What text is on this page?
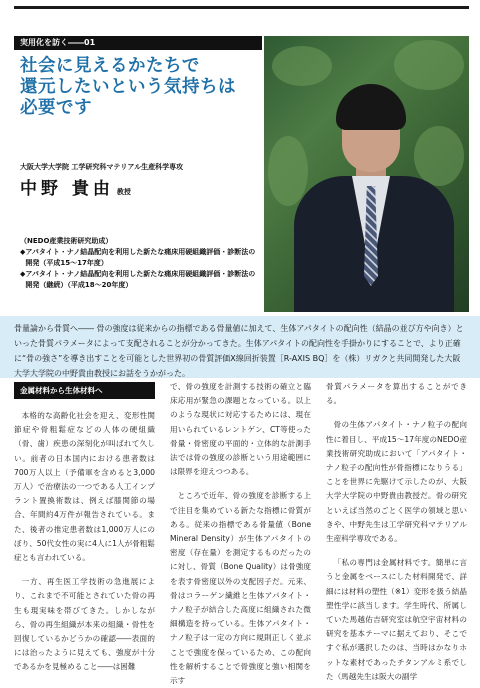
実用化を訪く――01
社会に見えるかたちで
還元したいという気持ちは
必要です
大阪大学大学院 工学研究科マテリアル生産科学専攻
中野 貴由 教授
（NEDO産業技術研究助成）
◆ アパタイト・ナノ結晶配向を利用した新たな痛床用硬組織評価・診断法の開発（平成15～17年度）
◆ アパタイト・ナノ結晶配向を利用した新たな痛床用硬組織評価・診断法の開発（継続）（平成18～20年度）
骨量論から骨質へ―― 骨の強度は従来からの指標である骨量値に加えて、生体アパタイトの配向性（結晶の並び方や向き）といった骨質パラメータによって支配されることが分かってきた。生体アパタイトの配向性を手掛かりにすることで、より正確に“骨の強さ”を導き出すことを可能とした世界初の骨質評価X線回折装置［R-AXIS BQ］を（株）リガクと共同開発した大阪大学大学院の中野貴由教授にお話をうかがった。
金属材料から生体材料へ

本格的な高齢化社会を迎え、変形性関節症や骨粗鬆症などの人体の硬組織（骨、歯）疾患の深刻化が叫ばれて久しい。前者の日本国内における患者数は700万人以上（予備軍を含めると3,000万人）で治療法の一つである人工インプラント置換術数は、例えば膝関節の場合、年間約4万件が報告されている。また、後者の推定患者数は1,000万人にのぼり、50代女性の実に4人に1人が骨粗鬆症とも言われている。

一方、再生医工学技術の急進展により、これまで不可能とされていた骨の再生も現実味を帯びてきた。しかしながら、骨の再生組織が本来の組織・骨性を回復しているかどうかの確認――表面的には治ったように見えても、強度が十分であるかを見極めること――は困難

で、骨の強度を計測する技術の確立と臨床応用が緊急の課題となっている。以上のような現状に対応するためには、現在用いられているレントゲン、CT等使った骨量・骨密度の平面的・立体的な計測手法では骨の強度の診断という用途範囲には限界を迎えつつある。

ところで近年、骨の強度を診断する上で注目を集めている新たな指標に骨質がある。従来の指標である骨量値（Bone Mineral Density）が生体アパタイトの密度（存在量）を測定するものだったのに対し、骨質（Bone Quality）は骨強度を表す骨密度以外の支配因子だ。元来、骨はコラーゲン繊維と生体アパタイト・ナノ粒子が結合した高度に組織された微細構造を持っている。生体アパタイト・ナノ粒子は一定の方向に規則正しく並ぶことで強度を保っているため、この配向性を解析することで骨強度と強い相関を示す

骨質パラメータを算出することができる。

骨の生体アパタイト・ナノ粒子の配向性に着目し、平成15～17年度のNEDO産業技術研究助成において「アパタイト・ナノ粒子の配向性が骨指標になりうる」ことを世界に先駆けて示したのが、大阪大学大学院の中野貴由教授だ。骨の研究といえば当然のごとく医学の領域と思いきや、中野先生は工学研究科マテリアル生産科学専攻である。

「私の専門は金属材料です。簡単に言うと金属をベースにした材料開発で、詳細には材料の塑性（※1）変形を扱う結晶塑性学に該当します。学生時代、所属していた馬越佑吉研究室は航空宇宙材料の研究を基本テーマに据えており、そこですぐ私が選択したのは、当時はかなりホットな素材であったチタンアルミ系でした（馬越先生は阪大の副学
